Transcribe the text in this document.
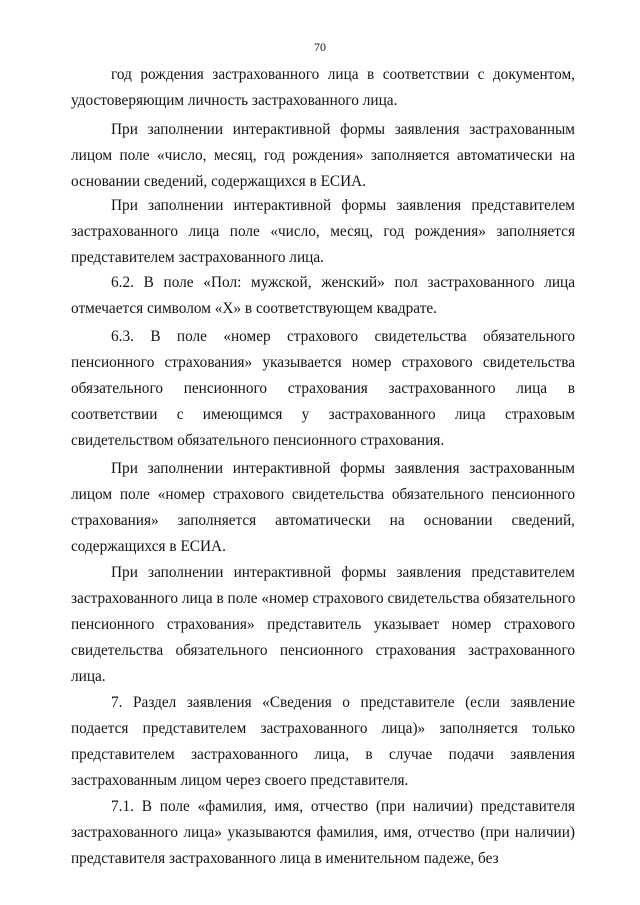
70
год рождения застрахованного лица в соответствии с документом,
удостоверяющим личность застрахованного лица.
При заполнении интерактивной формы заявления застрахованным
лицом поле «число, месяц, год рождения» заполняется автоматически на
основании сведений, содержащихся в ЕСИА.
При заполнении интерактивной формы заявления представителем
застрахованного лица поле «число, месяц, год рождения» заполняется
представителем застрахованного лица.
6.2. В поле «Пол: мужской, женский» пол застрахованного лица
отмечается символом «Х» в соответствующем квадрате.
6.3. В поле «номер страхового свидетельства обязательного
пенсионного страхования» указывается номер страхового свидетельства
обязательного пенсионного страхования застрахованного лица в
соответствии с имеющимся у застрахованного лица страховым
свидетельством обязательного пенсионного страхования.
При заполнении интерактивной формы заявления застрахованным
лицом поле «номер страхового свидетельства обязательного пенсионного
страхования» заполняется автоматически на основании сведений,
содержащихся в ЕСИА.
При заполнении интерактивной формы заявления представителем
застрахованного лица в поле «номер страхового свидетельства обязательного
пенсионного страхования» представитель указывает номер страхового
свидетельства обязательного пенсионного страхования застрахованного
лица.
7. Раздел заявления «Сведения о представителе (если заявление
подается представителем застрахованного лица)» заполняется только
представителем застрахованного лица, в случае подачи заявления
застрахованным лицом через своего представителя.
7.1. В поле «фамилия, имя, отчество (при наличии) представителя
застрахованного лица» указываются фамилия, имя, отчество (при наличии)
представителя застрахованного лица в именительном падеже, без
